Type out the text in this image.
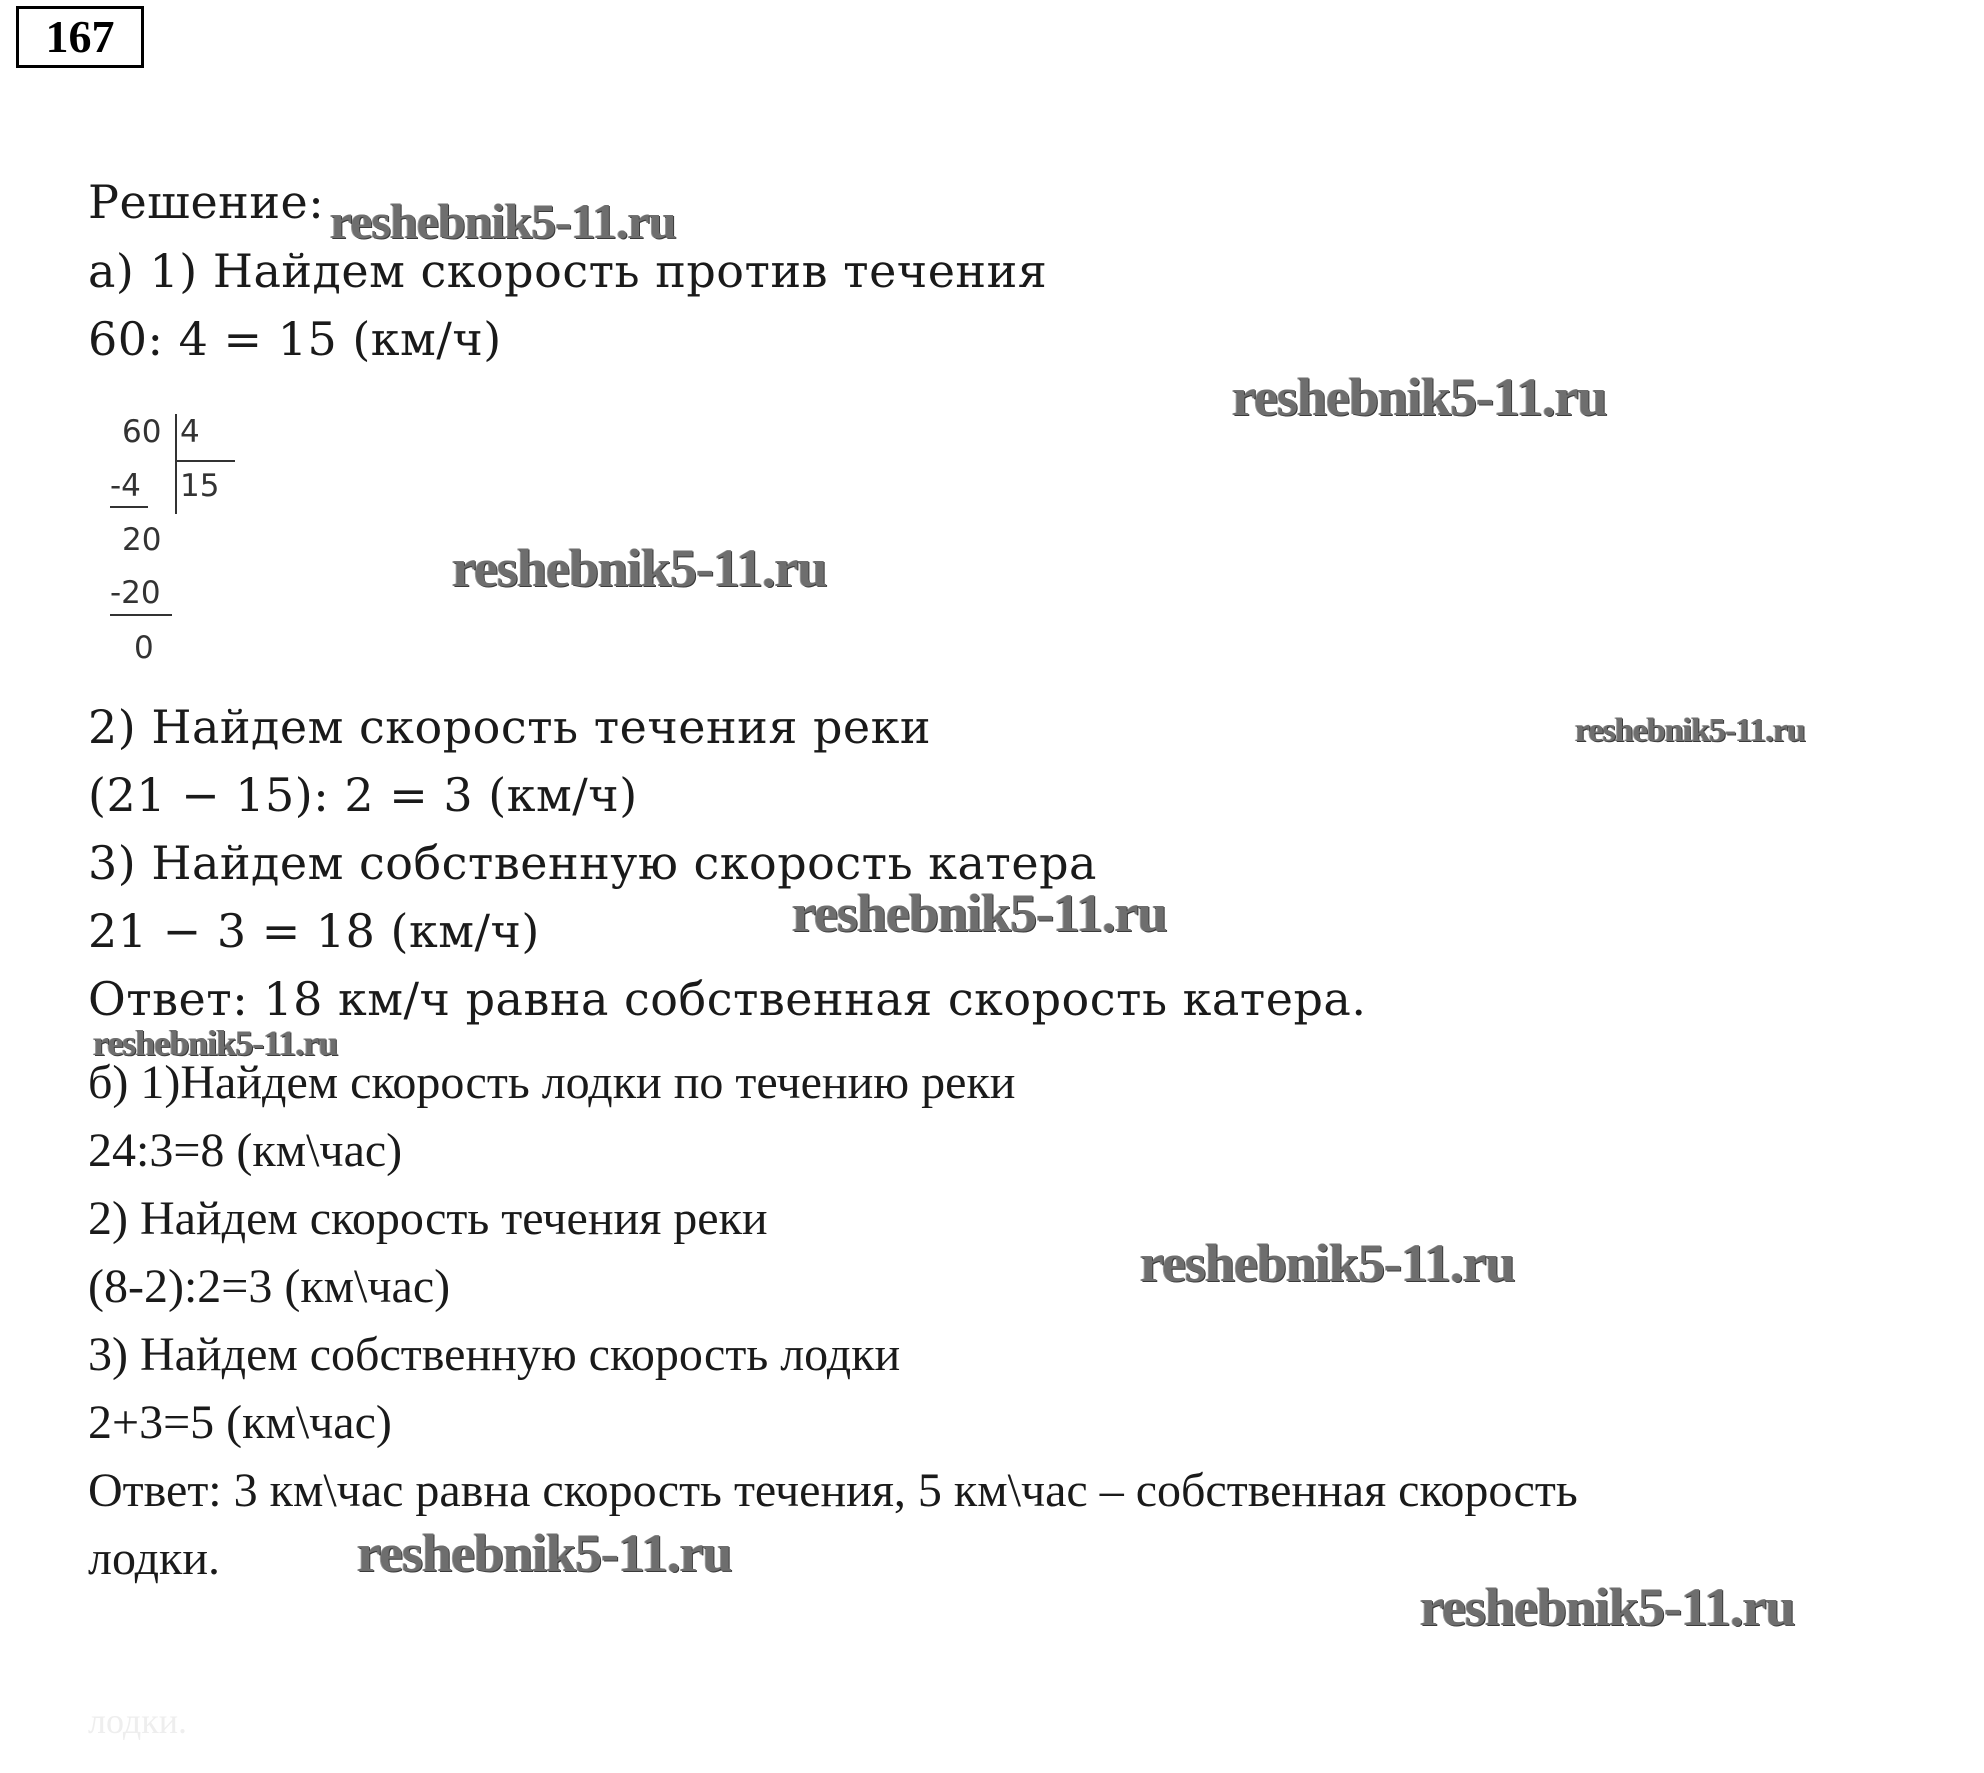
167
Решение:
а) 1) Найдем скорость против течения
60: 4 = 15 (км/ч)
60 4
-4 15
20
-20
0
2) Найдем скорость течения реки
(21 − 15): 2 = 3 (км/ч)
3) Найдем собственную скорость катера
21 − 3 = 18 (км/ч)
Ответ: 18 км/ч равна собственная скорость катера.
б) 1)Найдем скорость лодки по течению реки
24:3=8 (км\час)
2) Найдем скорость течения реки
(8-2):2=3 (км\час)
3) Найдем собственную скорость лодки
2+3=5 (км\час)
Ответ: 3 км\час равна скорость течения, 5 км\час – собственная скорость
лодки.
лодки.
reshebnik5-11.ru
reshebnik5-11.ru
reshebnik5-11.ru
reshebnik5-11.ru
reshebnik5-11.ru
reshebnik5-11.ru
reshebnik5-11.ru
reshebnik5-11.ru
reshebnik5-11.ru
